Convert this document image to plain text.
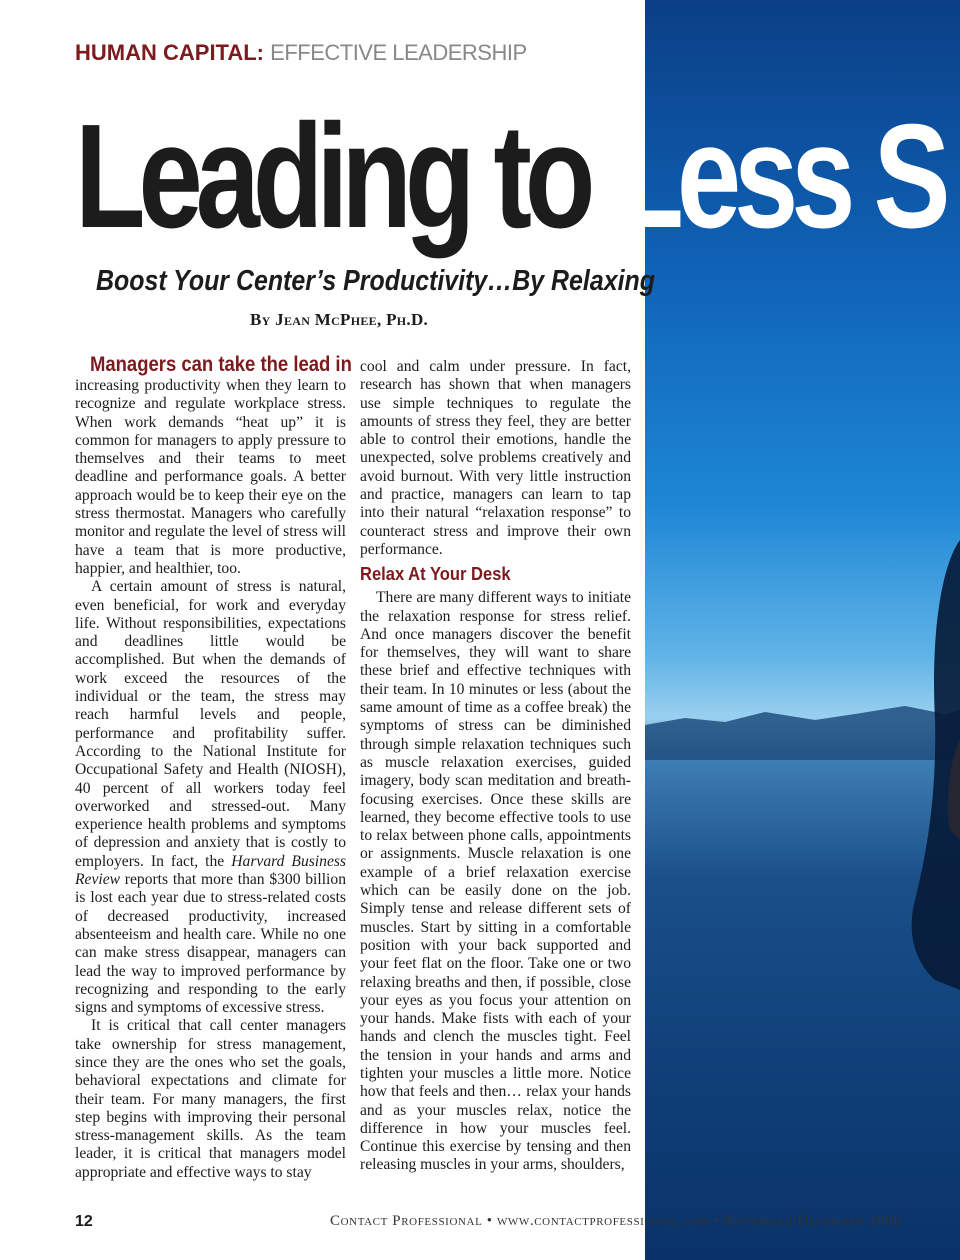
HUMAN CAPITAL: EFFECTIVE LEADERSHIP
Leading to Less S
Boost Your Center’s Productivity…By Relaxing
By Jean McPhee, Ph.D.
Managers can take the lead in

increasing productivity when they learn to recognize and regulate workplace stress. When work demands “heat up” it is common for managers to apply pressure to themselves and their teams to meet deadline and performance goals. A better approach would be to keep their eye on the stress thermostat. Managers who carefully monitor and regulate the level of stress will have a team that is more productive, happier, and healthier, too.

A certain amount of stress is natural, even beneficial, for work and everyday life. Without responsibilities, expectations and deadlines little would be accomplished. But when the demands of work exceed the resources of the individual or the team, the stress may reach harmful levels and people, performance and profitability suffer. According to the National Institute for Occupational Safety and Health (NIOSH), 40 percent of all workers today feel overworked and stressed-out. Many experience health problems and symptoms of depression and anxiety that is costly to employers. In fact, the Harvard Business Review reports that more than $300 billion is lost each year due to stress-related costs of decreased productivity, increased absenteeism and health care. While no one can make stress disappear, managers can lead the way to improved performance by recognizing and responding to the early signs and symptoms of excessive stress.

It is critical that call center managers take ownership for stress management, since they are the ones who set the goals, behavioral expectations and climate for their team. For many managers, the first step begins with improving their personal stress-management skills. As the team leader, it is critical that managers model appropriate and effective ways to stay

cool and calm under pressure. In fact, research has shown that when managers use simple techniques to regulate the amounts of stress they feel, they are better able to control their emotions, handle the unexpected, solve problems creatively and avoid burnout. With very little instruction and practice, managers can learn to tap into their natural “relaxation response” to counteract stress and improve their own performance.

Relax At Your Desk

There are many different ways to initiate the relaxation response for stress relief. And once managers discover the benefit for themselves, they will want to share these brief and effective techniques with their team. In 10 minutes or less (about the same amount of time as a coffee break) the symptoms of stress can be diminished through simple relaxation techniques such as muscle relaxation exercises, guided imagery, body scan meditation and breath-focusing exercises. Once these skills are learned, they become effective tools to use to relax between phone calls, appointments or assignments. Muscle relaxation is one example of a brief relaxation exercise which can be easily done on the job. Simply tense and release different sets of muscles. Start by sitting in a comfortable position with your back supported and your feet flat on the floor. Take one or two relaxing breaths and then, if possible, close your eyes as you focus your attention on your hands. Make fists with each of your hands and clench the muscles tight. Feel the tension in your hands and arms and tighten your muscles a little more. Notice how that feels and then… relax your hands and as your muscles relax, notice the difference in how your muscles feel. Continue this exercise by tensing and then releasing muscles in your arms, shoulders,

12	Contact Professional • www.contactprofessional.com • November/December 2006
